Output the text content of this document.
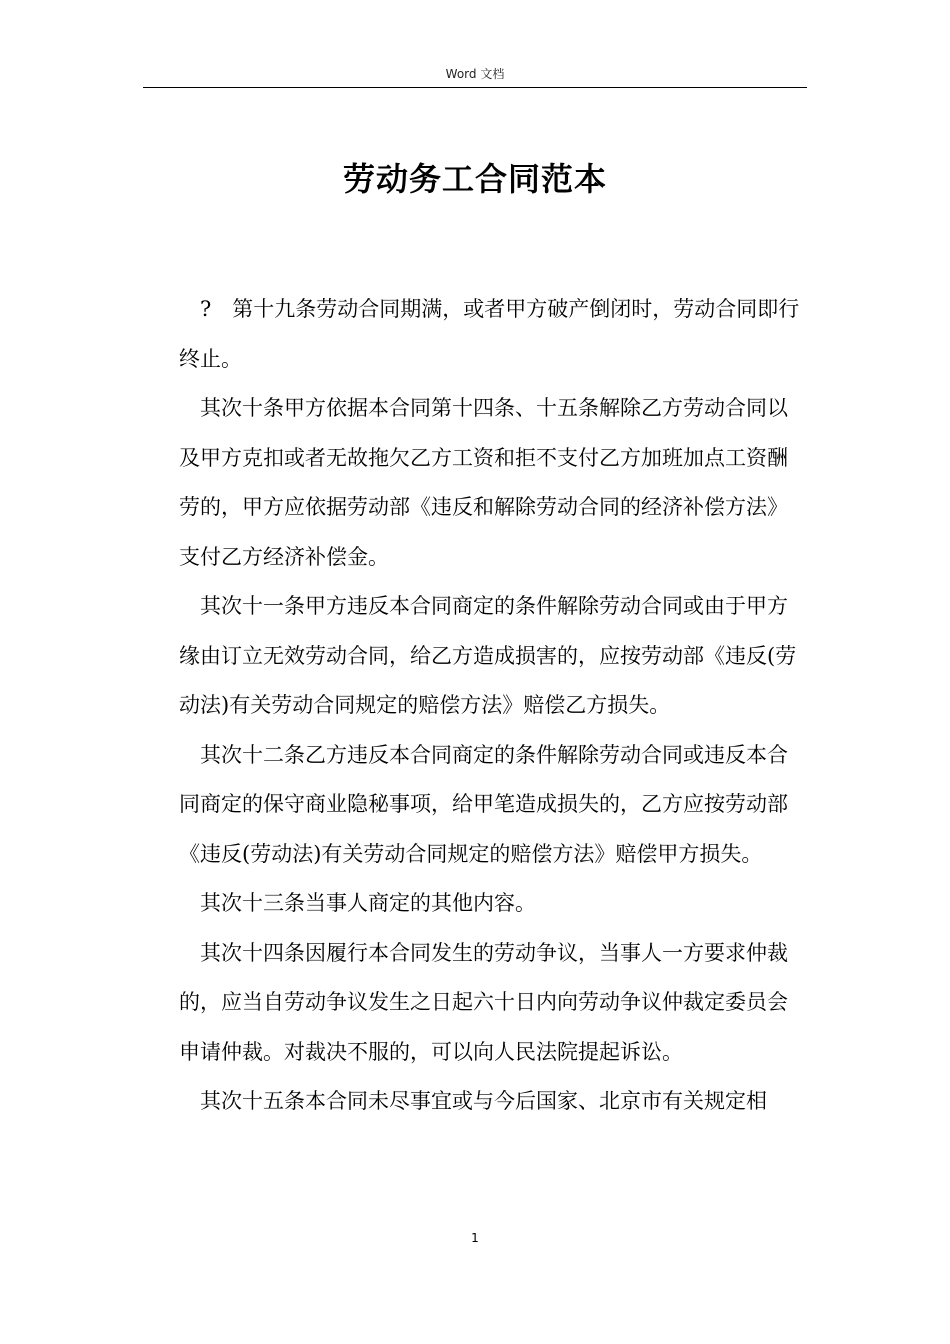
Word 文档
劳动务工合同范本

?　第十九条劳动合同期满，或者甲方破产倒闭时，劳动合同即行终止。

其次十条甲方依据本合同第十四条、十五条解除乙方劳动合同以及甲方克扣或者无故拖欠乙方工资和拒不支付乙方加班加点工资酬劳的，甲方应依据劳动部《违反和解除劳动合同的经济补偿方法》支付乙方经济补偿金。

其次十一条甲方违反本合同商定的条件解除劳动合同或由于甲方缘由订立无效劳动合同，给乙方造成损害的，应按劳动部《违反(劳动法)有关劳动合同规定的赔偿方法》赔偿乙方损失。

其次十二条乙方违反本合同商定的条件解除劳动合同或违反本合同商定的保守商业隐秘事项，给甲笔造成损失的，乙方应按劳动部《违反(劳动法)有关劳动合同规定的赔偿方法》赔偿甲方损失。

其次十三条当事人商定的其他内容。

其次十四条因履行本合同发生的劳动争议，当事人一方要求仲裁的，应当自劳动争议发生之日起六十日内向劳动争议仲裁定委员会申请仲裁。对裁决不服的，可以向人民法院提起诉讼。

其次十五条本合同未尽事宜或与今后国家、北京市有关规定相

1
